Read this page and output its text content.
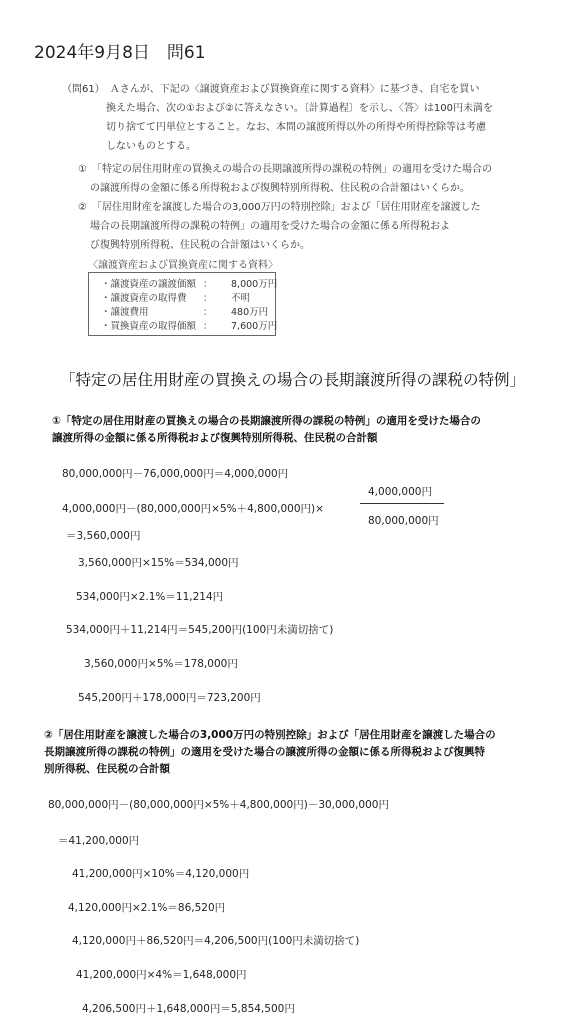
2024年9月8日　問61
（問61）　Ａさんが、下記の〈譲渡資産および買換資産に関する資料〉に基づき、自宅を買い
換えた場合、次の①および②に答えなさい。〔計算過程〕を示し、〈答〉は100円未満を
切り捨てて円単位とすること。なお、本問の譲渡所得以外の所得や所得控除等は考慮
しないものとする。
①　「特定の居住用財産の買換えの場合の長期譲渡所得の課税の特例」の適用を受けた場合の
の譲渡所得の金額に係る所得税および復興特別所得税、住民税の合計額はいくらか。
②　「居住用財産を譲渡した場合の3,000万円の特別控除」および「居住用財産を譲渡した
場合の長期譲渡所得の課税の特例」の適用を受けた場合の金額に係る所得税およ
び復興特別所得税、住民税の合計額はいくらか。
〈譲渡資産および買換資産に関する資料〉
・譲渡資産の譲渡価額 ： 8,000万円
・譲渡資産の取得費 ： 不明
・譲渡費用	： 480万円
・買換資産の取得価額 ： 7,600万円
「特定の居住用財産の買換えの場合の長期譲渡所得の課税の特例」
①「特定の居住用財産の買換えの場合の長期譲渡所得の課税の特例」の適用を受けた場合の
譲渡所得の金額に係る所得税および復興特別所得税、住民税の合計額
80,000,000円－76,000,000円＝4,000,000円
4,000,000円－(80,000,000円×5%＋4,800,000円)×
4,000,000円
80,000,000円
＝3,560,000円
3,560,000円×15%＝534,000円
534,000円×2.1%＝11,214円
534,000円＋11,214円＝545,200円(100円未満切捨て)
3,560,000円×5%＝178,000円
545,200円＋178,000円＝723,200円
②「居住用財産を譲渡した場合の3,000万円の特別控除」および「居住用財産を譲渡した場合の
長期譲渡所得の課税の特例」の適用を受けた場合の譲渡所得の金額に係る所得税および復興特
別所得税、住民税の合計額
80,000,000円－(80,000,000円×5%＋4,800,000円)－30,000,000円
＝41,200,000円
41,200,000円×10%＝4,120,000円
4,120,000円×2.1%＝86,520円
4,120,000円＋86,520円＝4,206,500円(100円未満切捨て)
41,200,000円×4%＝1,648,000円
4,206,500円＋1,648,000円＝5,854,500円
